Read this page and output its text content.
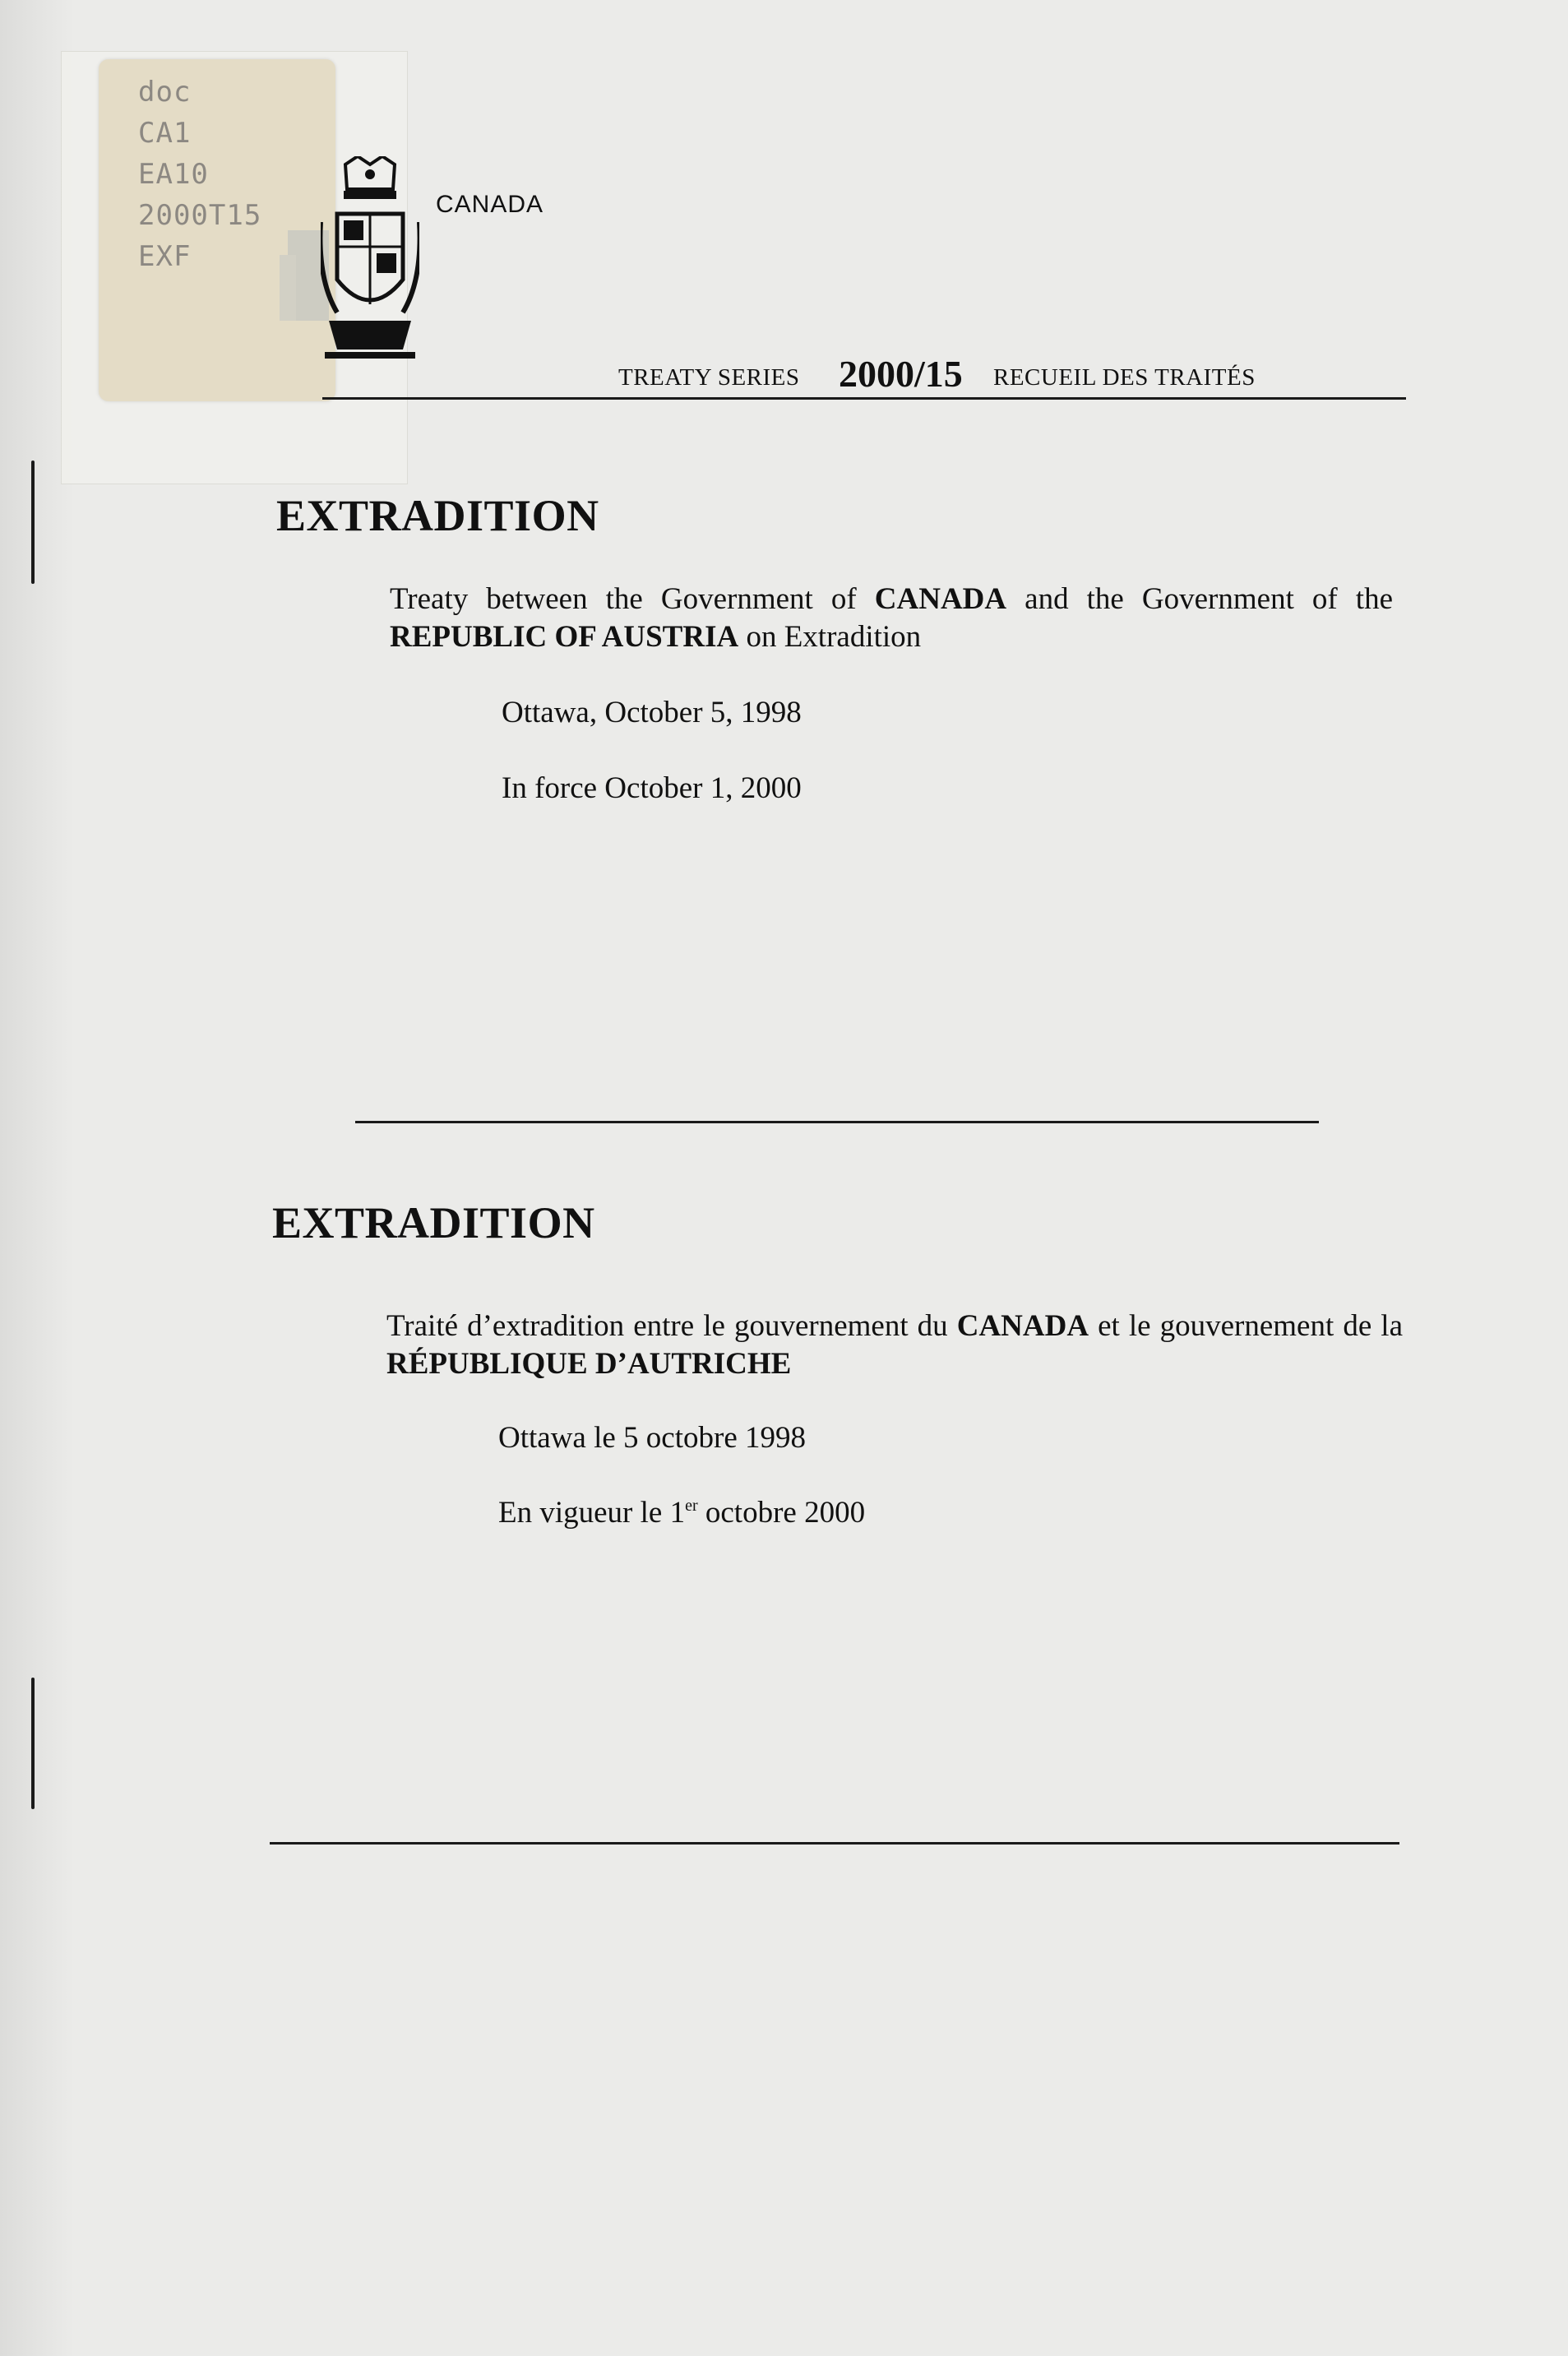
doc
CA1
EA10
2000T15
EXF
CANADA
TREATY SERIES 2000/15 RECUEIL DES TRAITÉS
EXTRADITION
Treaty between the Government of CANADA and the Government of the REPUBLIC OF AUSTRIA on Extradition
Ottawa, October 5, 1998
In force October 1, 2000
EXTRADITION
Traité d’extradition entre le gouvernement du CANADA et le gouvernement de la RÉPUBLIQUE D’AUTRICHE
Ottawa le 5 octobre 1998
En vigueur le 1er octobre 2000
